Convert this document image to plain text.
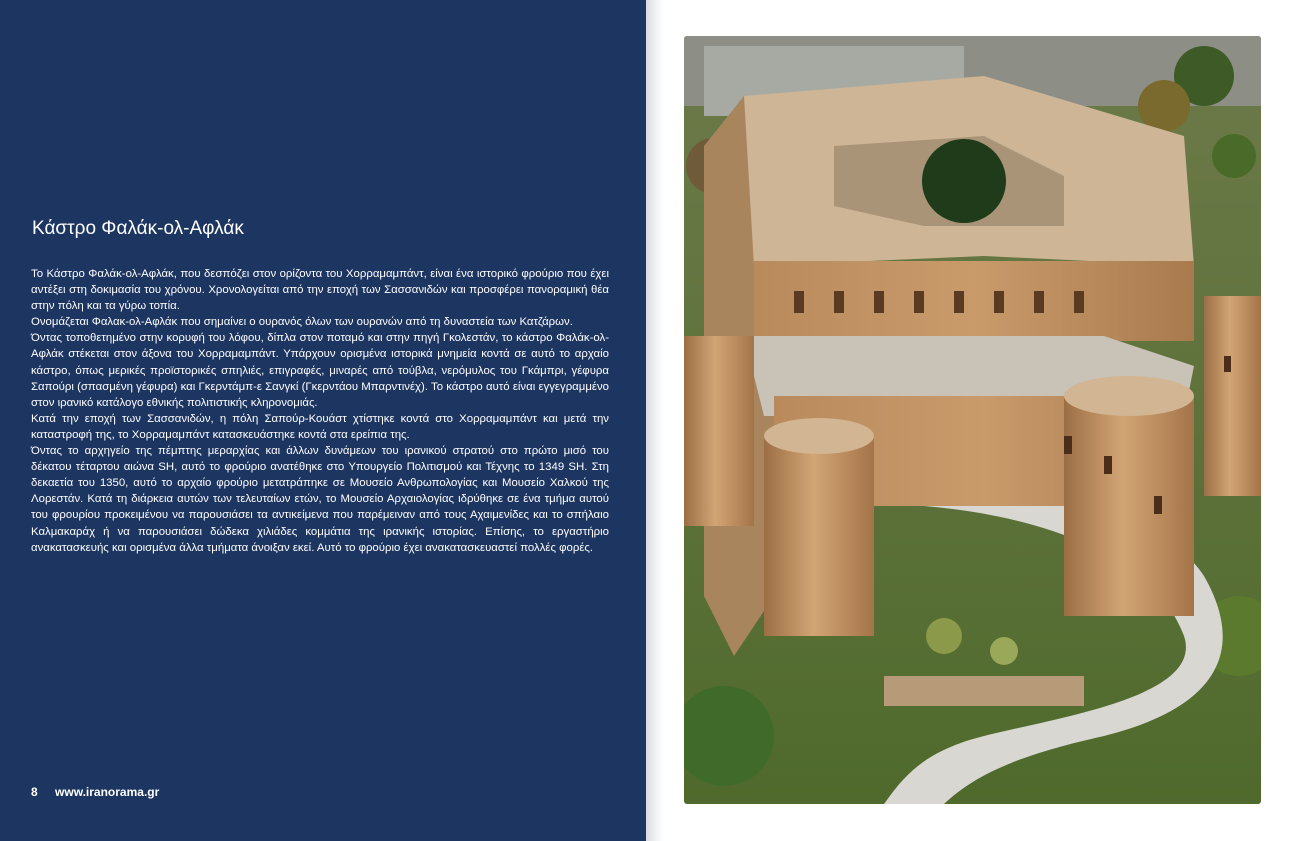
Κάστρο Φαλάκ-ολ-Αφλάκ

Το Κάστρο Φαλάκ-ολ-Αφλάκ, που δεσπόζει στον ορίζοντα του Χορραμαμπάντ, είναι ένα ιστορικό φρούριο που έχει αντέξει στη δοκιμασία του χρόνου. Χρονολογείται από την εποχή των Σασσανιδών και προσφέρει πανοραμική θέα στην πόλη και τα γύρω τοπία.

Ονομάζεται Φαλακ-ολ-Αφλάκ που σημαίνει ο ουρανός όλων των ουρανών από τη δυναστεία των Κατζάρων.

Όντας τοποθετημένο στην κορυφή του λόφου, δίπλα στον ποταμό και στην πηγή Γκολεστάν, το κάστρο Φαλάκ-ολ-Αφλάκ στέκεται στον άξονα του Χορραμαμπάντ. Υπάρχουν ορισμένα ιστορικά μνημεία κοντά σε αυτό το αρχαίο κάστρο, όπως μερικές προϊστορικές σπηλιές, επιγραφές, μιναρές από τούβλα, νερόμυλος του Γκάμπρι, γέφυρα Σαπούρι (σπασμένη γέφυρα) και Γκερντάμπ-ε Σανγκί (Γκερντάου Μπαρντινέχ). Το κάστρο αυτό είναι εγγεγραμμένο στον ιρανικό κατάλογο εθνικής πολιτιστικής κληρονομιάς.

Κατά την εποχή των Σασσανιδών, η πόλη Σαπούρ-Κουάστ χτίστηκε κοντά στο Χορραμαμπάντ και μετά την καταστροφή της, το Χορραμαμπάντ κατασκευάστηκε κοντά στα ερείπια της.

Όντας το αρχηγείο της πέμπτης μεραρχίας και άλλων δυνάμεων του ιρανικού στρατού στο πρώτο μισό του δέκατου τέταρτου αιώνα SH, αυτό το φρούριο ανατέθηκε στο Υπουργείο Πολιτισμού και Τέχνης το 1349 SH. Στη δεκαετία του 1350, αυτό το αρχαίο φρούριο μετατράπηκε σε Μουσείο Ανθρωπολογίας και Μουσείο Χαλκού της Λορεστάν. Κατά τη διάρκεια αυτών των τελευταίων ετών, το Μουσείο Αρχαιολογίας ιδρύθηκε σε ένα τμήμα αυτού του φρουρίου προκειμένου να παρουσιάσει τα αντικείμενα που παρέμειναν από τους Αχαιμενίδες και το σπήλαιο Καλμακαράχ ή να παρουσιάσει δώδεκα χιλιάδες κομμάτια της ιρανικής ιστορίας. Επίσης, το εργαστήριο ανακατασκευής και ορισμένα άλλα τμήματα άνοιξαν εκεί. Αυτό το φρούριο έχει ανακατασκευαστεί πολλές φορές.

8 www.iranorama.gr
